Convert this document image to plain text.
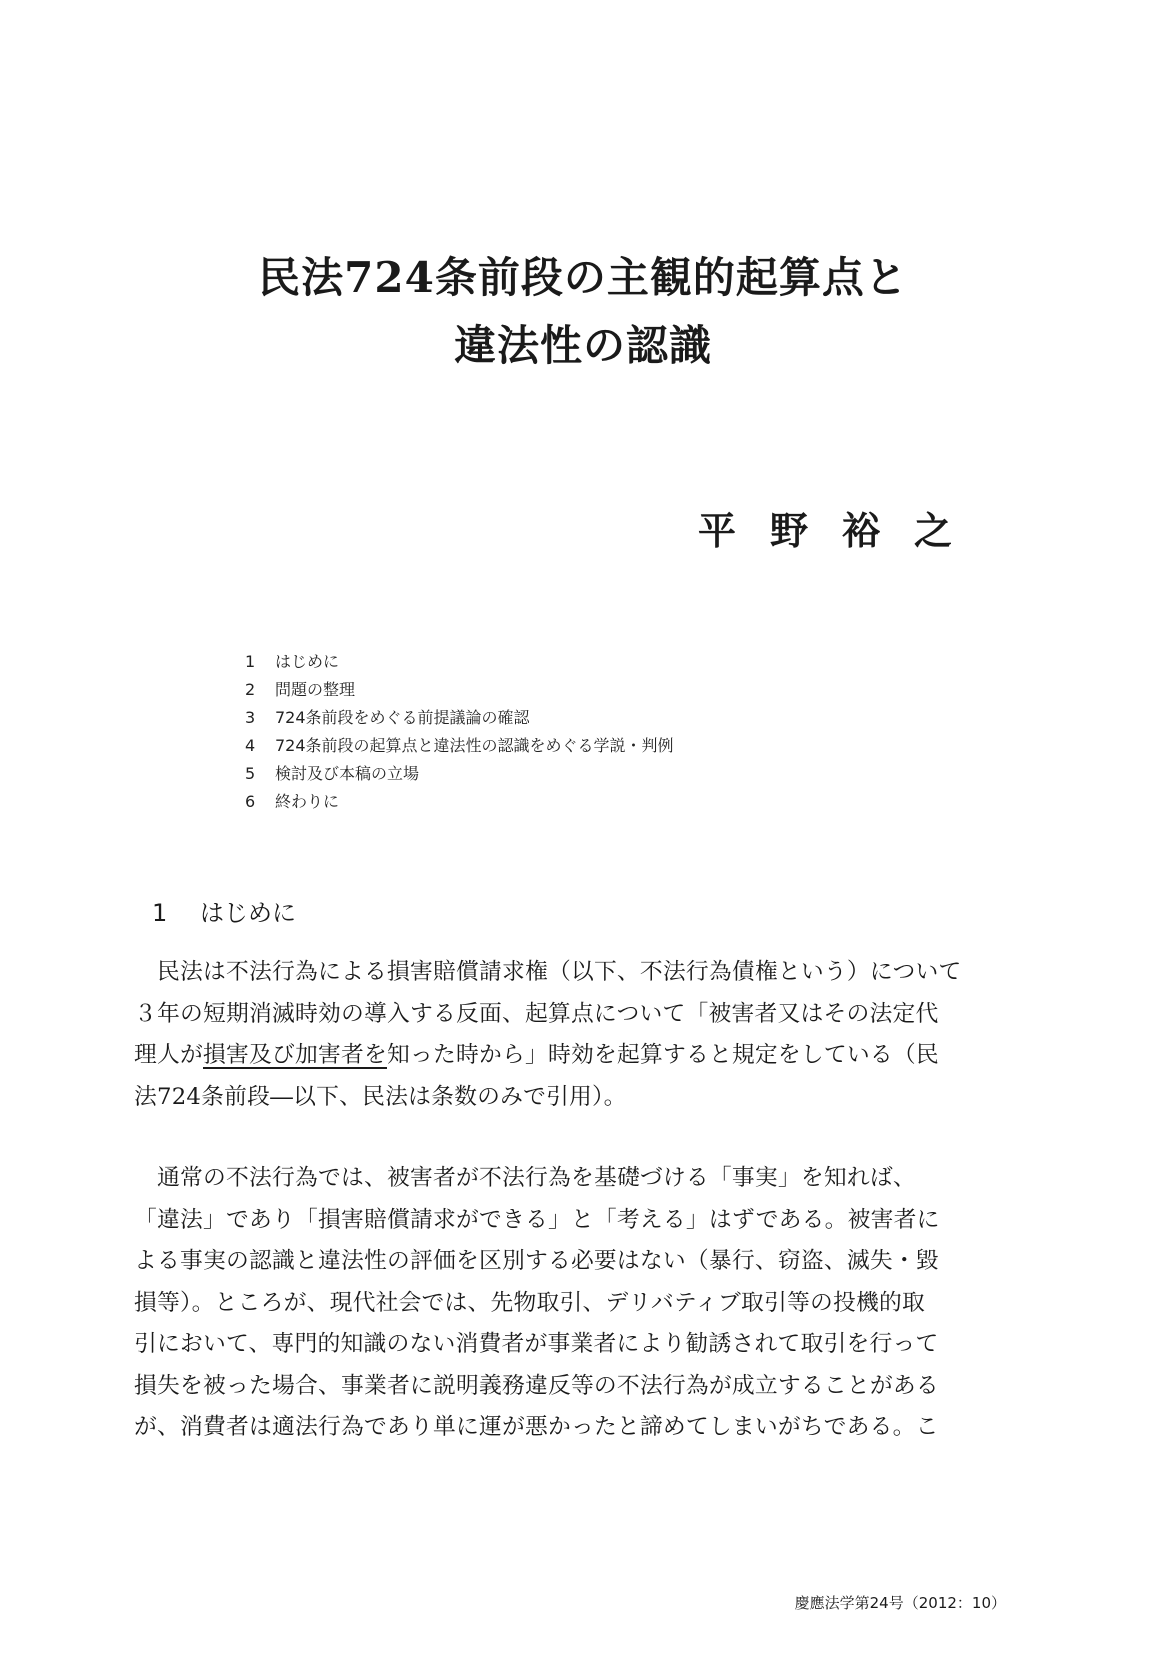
民法724条前段の主観的起算点と
違法性の認識
平 野 裕 之
1 はじめに
2 問題の整理
3 724条前段をめぐる前提議論の確認
4 724条前段の起算点と違法性の認識をめぐる学説・判例
5 検討及び本稿の立場
6 終わりに
1 はじめに
　民法は不法行為による損害賠償請求権（以下、不法行為債権という）について
３年の短期消滅時効の導入する反面、起算点について「被害者又はその法定代
理人が損害及び加害者を知った時から」時効を起算すると規定をしている（民
法724条前段―以下、民法は条数のみで引用）。
　通常の不法行為では、被害者が不法行為を基礎づける「事実」を知れば、
「違法」であり「損害賠償請求ができる」と「考える」はずである。被害者に
よる事実の認識と違法性の評価を区別する必要はない（暴行、窃盗、滅失・毀
損等）。ところが、現代社会では、先物取引、デリバティブ取引等の投機的取
引において、専門的知識のない消費者が事業者により勧誘されて取引を行って
損失を被った場合、事業者に説明義務違反等の不法行為が成立することがある
が、消費者は適法行為であり単に運が悪かったと諦めてしまいがちである。こ
慶應法学第24号（2012：10）
